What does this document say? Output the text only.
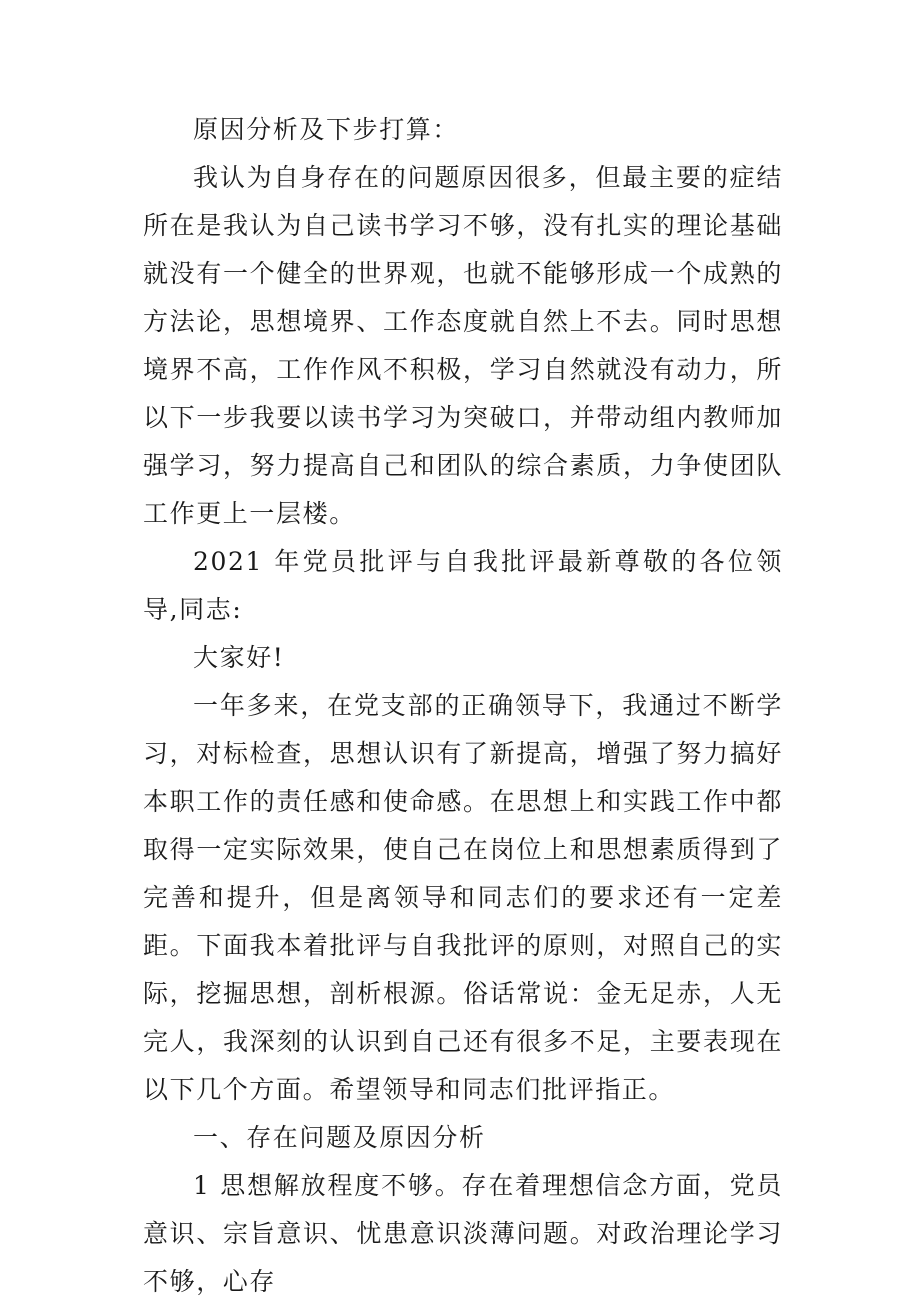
原因分析及下步打算：

我认为自身存在的问题原因很多，但最主要的症结所在是我认为自己读书学习不够，没有扎实的理论基础就没有一个健全的世界观，也就不能够形成一个成熟的方法论，思想境界、工作态度就自然上不去。同时思想境界不高，工作作风不积极，学习自然就没有动力，所以下一步我要以读书学习为突破口，并带动组内教师加强学习，努力提高自己和团队的综合素质，力争使团队工作更上一层楼。

2021 年党员批评与自我批评最新尊敬的各位领导,同志:

大家好!

一年多来，在党支部的正确领导下，我通过不断学习，对标检查，思想认识有了新提高，增强了努力搞好本职工作的责任感和使命感。在思想上和实践工作中都取得一定实际效果，使自己在岗位上和思想素质得到了完善和提升，但是离领导和同志们的要求还有一定差距。下面我本着批评与自我批评的原则，对照自己的实际，挖掘思想，剖析根源。俗话常说：金无足赤，人无完人，我深刻的认识到自己还有很多不足，主要表现在以下几个方面。希望领导和同志们批评指正。

一、存在问题及原因分析

1 思想解放程度不够。存在着理想信念方面，党员意识、宗旨意识、忧患意识淡薄问题。对政治理论学习不够，心存
